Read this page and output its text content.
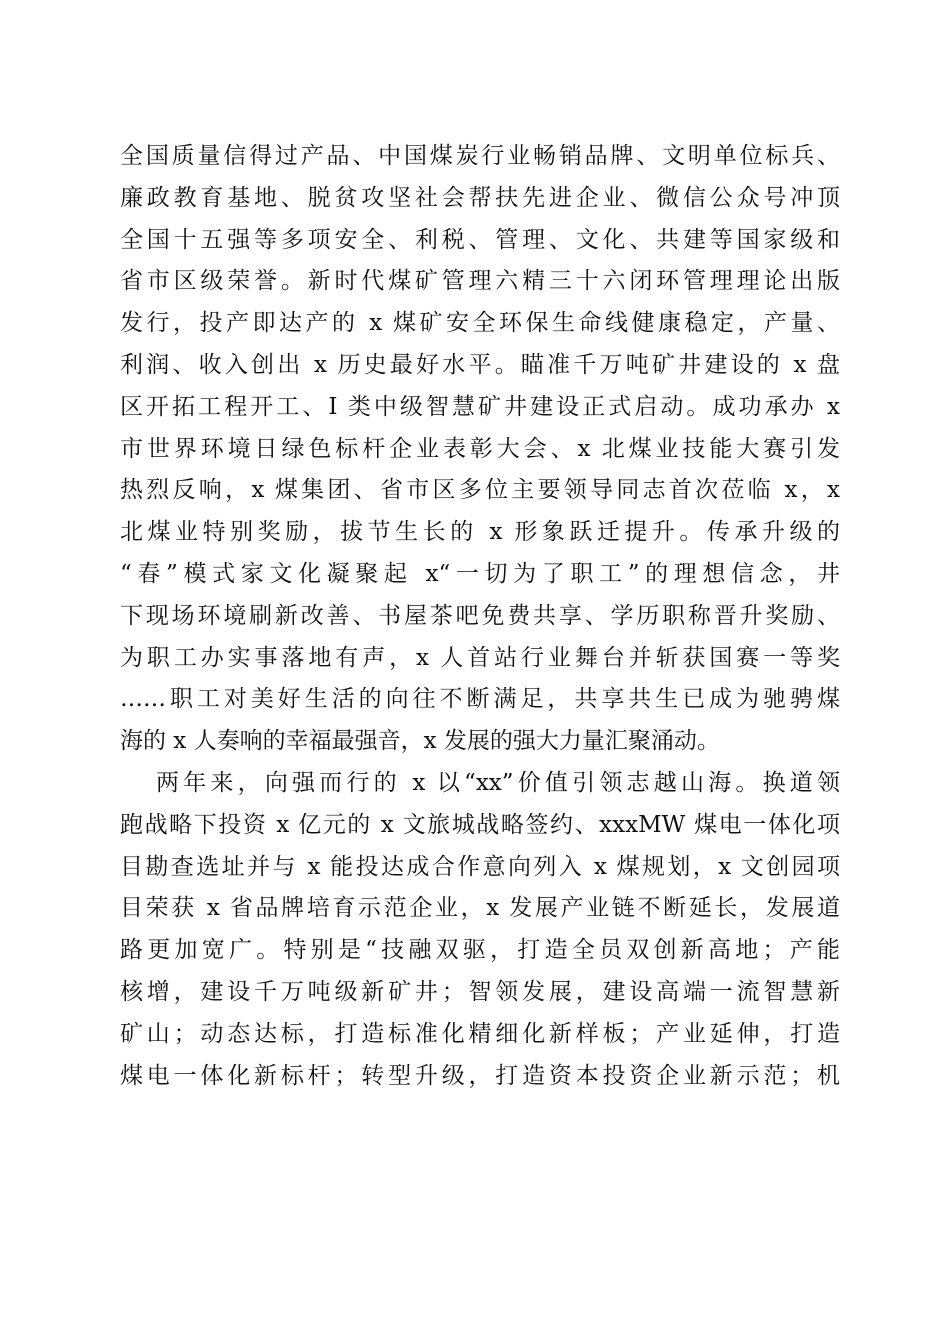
全国质量信得过产品、中国煤炭行业畅销品牌、文明单位标兵、
廉政教育基地、脱贫攻坚社会帮扶先进企业、微信公众号冲顶
全国十五强等多项安全、利税、管理、文化、共建等国家级和
省市区级荣誉。新时代煤矿管理六精三十六闭环管理理论出版
发行，投产即达产的 x 煤矿安全环保生命线健康稳定，产量、
利润、收入创出 x 历史最好水平。瞄准千万吨矿井建设的 x 盘
区开拓工程开工、I 类中级智慧矿井建设正式启动。成功承办 x
市世界环境日绿色标杆企业表彰大会、x 北煤业技能大赛引发
热烈反响，x 煤集团、省市区多位主要领导同志首次莅临 x，x
北煤业特别奖励，拔节生长的 x 形象跃迁提升。传承升级的
“春”模式家文化凝聚起 x“一切为了职工”的理想信念，井
下现场环境刷新改善、书屋茶吧免费共享、学历职称晋升奖励、
为职工办实事落地有声，x 人首站行业舞台并斩获国赛一等奖
……职工对美好生活的向往不断满足，共享共生已成为驰骋煤
海的 x 人奏响的幸福最强音，x 发展的强大力量汇聚涌动。
两年来，向强而行的 x 以“xx”价值引领志越山海。换道领
跑战略下投资 x 亿元的 x 文旅城战略签约、xxxMW 煤电一体化项
目勘查选址并与 x 能投达成合作意向列入 x 煤规划，x 文创园项
目荣获 x 省品牌培育示范企业，x 发展产业链不断延长，发展道
路更加宽广。特别是“技融双驱，打造全员双创新高地；产能
核增，建设千万吨级新矿井；智领发展，建设高端一流智慧新
矿山；动态达标，打造标准化精细化新样板；产业延伸，打造
煤电一体化新标杆；转型升级，打造资本投资企业新示范；机
